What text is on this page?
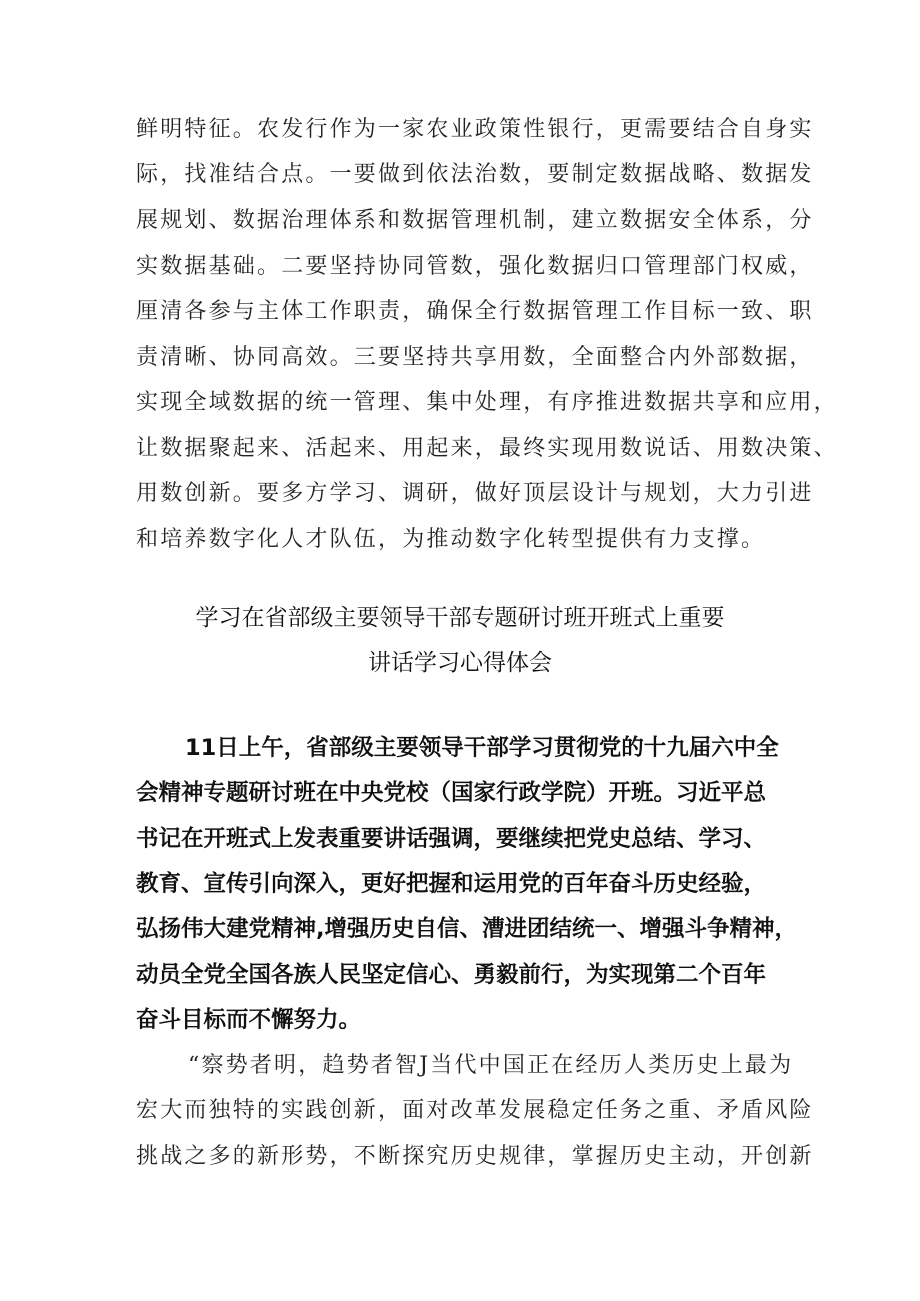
鲜明特征。农发行作为一家农业政策性银行，更需要结合自身实
际，找准结合点。一要做到依法治数，要制定数据战略、数据发
展规划、数据治理体系和数据管理机制，建立数据安全体系，分
实数据基础。二要坚持协同管数，强化数据归口管理部门权威，
厘清各参与主体工作职责，确保全行数据管理工作目标一致、职
责清晰、协同高效。三要坚持共享用数，全面整合内外部数据，
实现全域数据的统一管理、集中处理，有序推进数据共享和应用，
让数据聚起来、活起来、用起来，最终实现用数说话、用数决策、
用数创新。要多方学习、调研，做好顶层设计与规划，大力引进
和培养数字化人才队伍，为推动数字化转型提供有力支撑。
学习在省部级主要领导干部专题研讨班开班式上重要
讲话学习心得体会
11日上午，省部级主要领导干部学习贯彻党的十九届六中全
会精神专题研讨班在中央党校（国家行政学院）开班。习近平总
书记在开班式上发表重要讲话强调，要继续把党史总结、学习、
教育、宣传引向深入，更好把握和运用党的百年奋斗历史经验，
弘扬伟大建党精神,增强历史自信、漕进团结统一、增强斗争精神，
动员全党全国各族人民坚定信心、勇毅前行，为实现第二个百年
奋斗目标而不懈努力。
“察势者明，趋势者智J当代中国正在经历人类历史上最为
宏大而独特的实践创新，面对改革发展稳定任务之重、矛盾风险
挑战之多的新形势，不断探究历史规律，掌握历史主动，开创新
